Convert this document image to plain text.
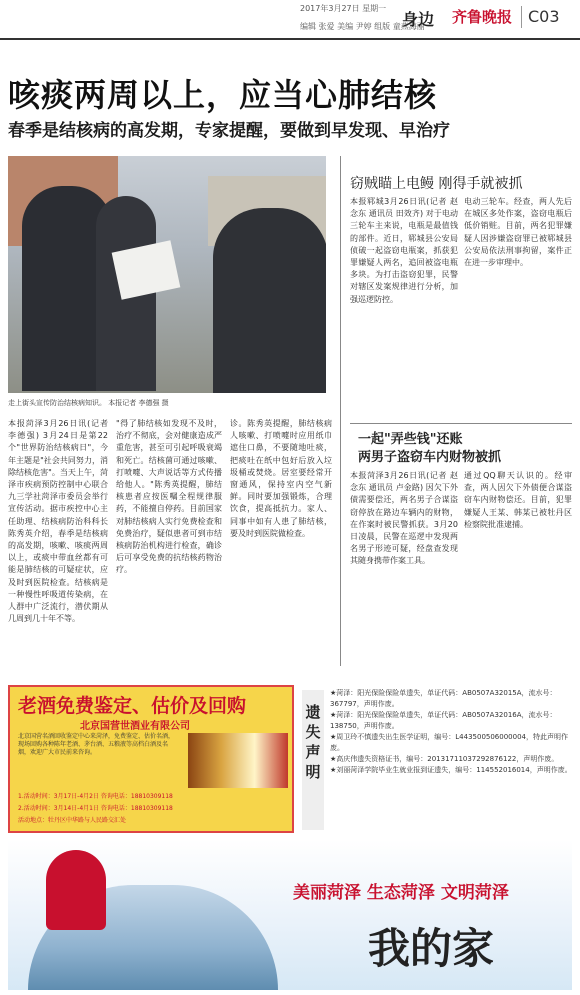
2017年3月27日 星期一
编辑 张爱 美编 尹婷 组版 童燕海丽
身边 齐鲁晚报 C03
咳痰两周以上，应当心肺结核
春季是结核病的高发期，专家提醒，要做到早发现、早治疗
走上街头宣传防治结核病知识。 本报记者 李德强 摄
本报菏泽3月26日讯(记者 李德强) 3月24日是第22个"世界防治结核病日"，今年主题是"社会共同努力，消除结核危害"。当天上午，菏泽市疾病预防控制中心联合九三学社菏泽市委员会举行宣传活动。据市疾控中心主任助理、结核病防治科科长陈秀英介绍，春季是结核病的高发期，咳嗽、咳痰两周以上，或痰中带血丝都有可能是肺结核的可疑症状，应及时到医院检查。结核病是一种慢性呼吸道传染病，在人群中广泛流行，潜伏期从几周到几十年不等。
"得了肺结核如发现不及时，治疗不彻底，会对健康造成严重危害，甚至可引起呼吸衰竭和死亡。结核菌可通过咳嗽、打喷嚏、大声说话等方式传播给他人。"陈秀英提醒，肺结核患者应按医嘱全程规律服药，不能擅自停药。目前国家对肺结核病人实行免费检查和免费治疗，疑似患者可到市结核病防治机构进行检查，确诊后可享受免费的抗结核药物治疗。
诊。陈秀英提醒，肺结核病人咳嗽、打喷嚏时应用纸巾遮住口鼻，不要随地吐痰，把痰吐在纸中包好后放入垃圾桶或焚烧。居室要经常开窗通风，保持室内空气新鲜。同时要加强锻炼，合理饮食，提高抵抗力。家人、同事中如有人患了肺结核，要及时到医院做检查。
窃贼瞄上电鳗 刚得手就被抓
本报郓城3月26日讯(记者 赵念东 通讯员 田效齐) 对于电动三轮车主来说，电瓶是最值钱的部件。近日，郓城县公安局侦破一起盗窃电瓶案，抓获犯罪嫌疑人两名，追回被盗电瓶多块。为打击盗窃犯罪，民警对辖区发案规律进行分析，加强巡逻防控。
电动三轮车。经查，两人先后在城区多处作案，盗窃电瓶后低价销赃。目前，两名犯罪嫌疑人因涉嫌盗窃罪已被郓城县公安局依法刑事拘留，案件正在进一步审理中。
一起"弄些钱"还账
两男子盗窃车内财物被抓
本报菏泽3月26日讯(记者 赵念东 通讯员 卢金路) 因欠下外债需要偿还，两名男子合谋盗窃停放在路边车辆内的财物，在作案时被民警抓获。3月20日凌晨，民警在巡逻中发现两名男子形迹可疑，经盘查发现其随身携带作案工具。
通过QQ聊天认识的。经审查，两人因欠下外债便合谋盗窃车内财物偿还。目前，犯罪嫌疑人王某、韩某已被牡丹区检察院批准逮捕。
老酒免费鉴定、估价及回购
北京国营世酒业有限公司
北京国营名酒回收鉴定中心来菏泽，免费鉴定、估价名酒，现场回购各种陈年老酒、茅台酒、五粮液等高档白酒及名烟，欢迎广大市民前来咨询。
1.活动时间：3月17日-4月2日 咨询电话：18810309118
2.活动时间：3月14日-4月1日 咨询电话：18810309118
活动地点：牡丹区中华路与人民路交汇处
遗失声明
★菏泽：阳光保险保险单遗失，单证代码：AB0507A32015A，流水号：367797，声明作废。
★菏泽：阳光保险保险单遗失，单证代码：AB0507A32016A，流水号：138750，声明作废。
★周卫玲不慎遗失出生医学证明，编号：L443500506000004，特此声明作废。
★高庆伟遗失资格证书，编号：20131711037292876122，声明作废。
★刘丽菏泽学院毕业生就业报到证遗失，编号：114552016014，声明作废。
美丽菏泽 生态菏泽 文明菏泽
我的家
